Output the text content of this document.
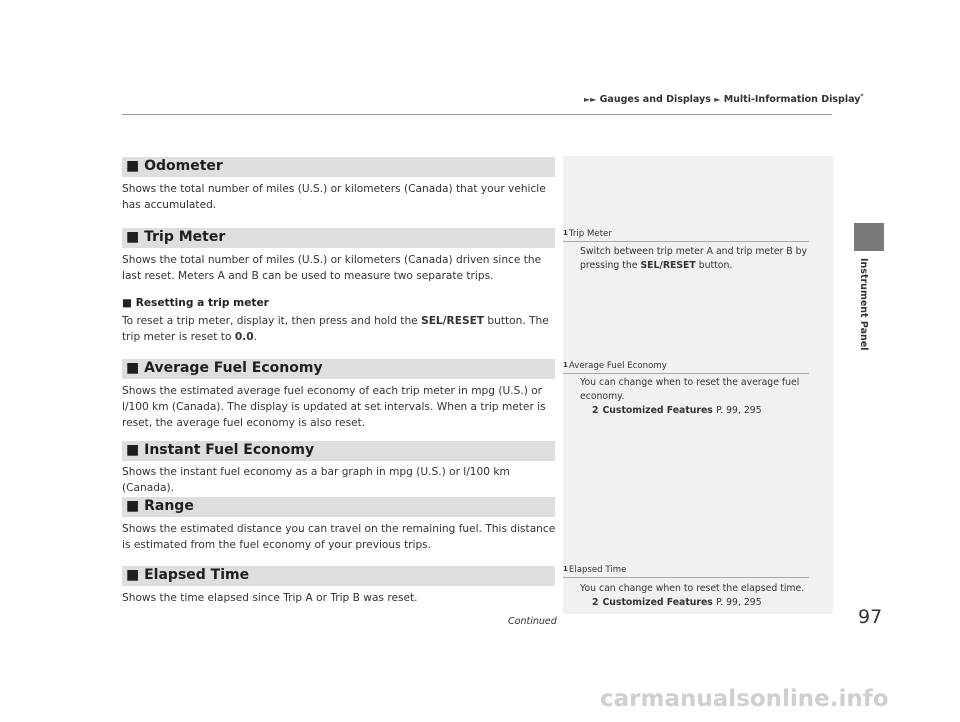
►► Gauges and Displays ► Multi-Information Display*
Instrument Panel
■ Odometer
Shows the total number of miles (U.S.) or kilometers (Canada) that your vehicle has accumulated.
■ Trip Meter
Shows the total number of miles (U.S.) or kilometers (Canada) driven since the last reset. Meters A and B can be used to measure two separate trips.
■ Resetting a trip meter
To reset a trip meter, display it, then press and hold the SEL/RESET button. The trip meter is reset to 0.0.
■ Average Fuel Economy
Shows the estimated average fuel economy of each trip meter in mpg (U.S.) or l/100 km (Canada). The display is updated at set intervals. When a trip meter is reset, the average fuel economy is also reset.
■ Instant Fuel Economy
Shows the instant fuel economy as a bar graph in mpg (U.S.) or l/100 km (Canada).
■ Range
Shows the estimated distance you can travel on the remaining fuel. This distance is estimated from the fuel economy of your previous trips.
■ Elapsed Time
Shows the time elapsed since Trip A or Trip B was reset.
1Trip Meter
Switch between trip meter A and trip meter B by pressing the SEL/RESET button.
1Average Fuel Economy
You can change when to reset the average fuel economy.
2 Customized Features P. 99, 295
1Elapsed Time
You can change when to reset the elapsed time.
2 Customized Features P. 99, 295
Continued	97
carmanualsonline.info
